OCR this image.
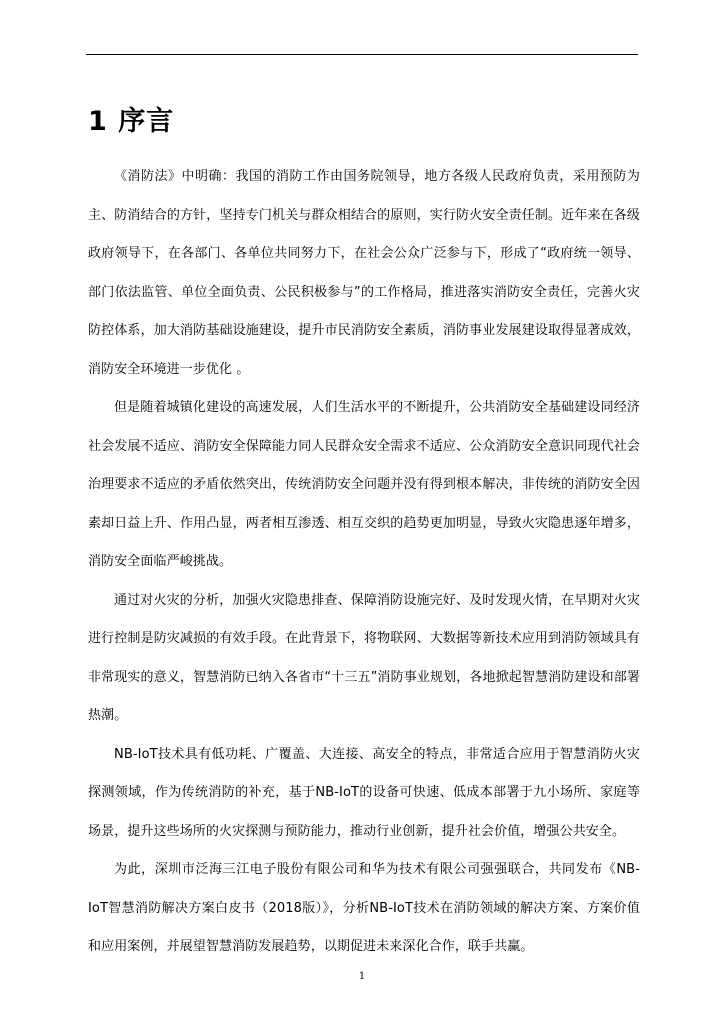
1 序言

《消防法》中明确：我国的消防工作由国务院领导，地方各级人民政府负责，采用预防为主、防消结合的方针，坚持专门机关与群众相结合的原则，实行防火安全责任制。近年来在各级政府领导下，在各部门、各单位共同努力下，在社会公众广泛参与下，形成了“政府统一领导、部门依法监管、单位全面负责、公民积极参与”的工作格局，推进落实消防安全责任，完善火灾防控体系，加大消防基础设施建设，提升市民消防安全素质，消防事业发展建设取得显著成效，消防安全环境进一步优化 。

但是随着城镇化建设的高速发展，人们生活水平的不断提升，公共消防安全基础建设同经济社会发展不适应、消防安全保障能力同人民群众安全需求不适应、公众消防安全意识同现代社会治理要求不适应的矛盾依然突出，传统消防安全问题并没有得到根本解决，非传统的消防安全因素却日益上升、作用凸显，两者相互渗透、相互交织的趋势更加明显，导致火灾隐患逐年增多，消防安全面临严峻挑战。

通过对火灾的分析，加强火灾隐患排查、保障消防设施完好、及时发现火情，在早期对火灾进行控制是防灾减损的有效手段。在此背景下，将物联网、大数据等新技术应用到消防领域具有非常现实的意义，智慧消防已纳入各省市“十三五”消防事业规划，各地掀起智慧消防建设和部署热潮。

NB-IoT技术具有低功耗、广覆盖、大连接、高安全的特点，非常适合应用于智慧消防火灾探测领域，作为传统消防的补充，基于NB-IoT的设备可快速、低成本部署于九小场所、家庭等场景，提升这些场所的火灾探测与预防能力，推动行业创新，提升社会价值，增强公共安全。

为此，深圳市泛海三江电子股份有限公司和华为技术有限公司强强联合，共同发布《NB-IoT智慧消防解决方案白皮书（2018版）》，分析NB-IoT技术在消防领域的解决方案、方案价值和应用案例，并展望智慧消防发展趋势，以期促进未来深化合作，联手共赢。

1
